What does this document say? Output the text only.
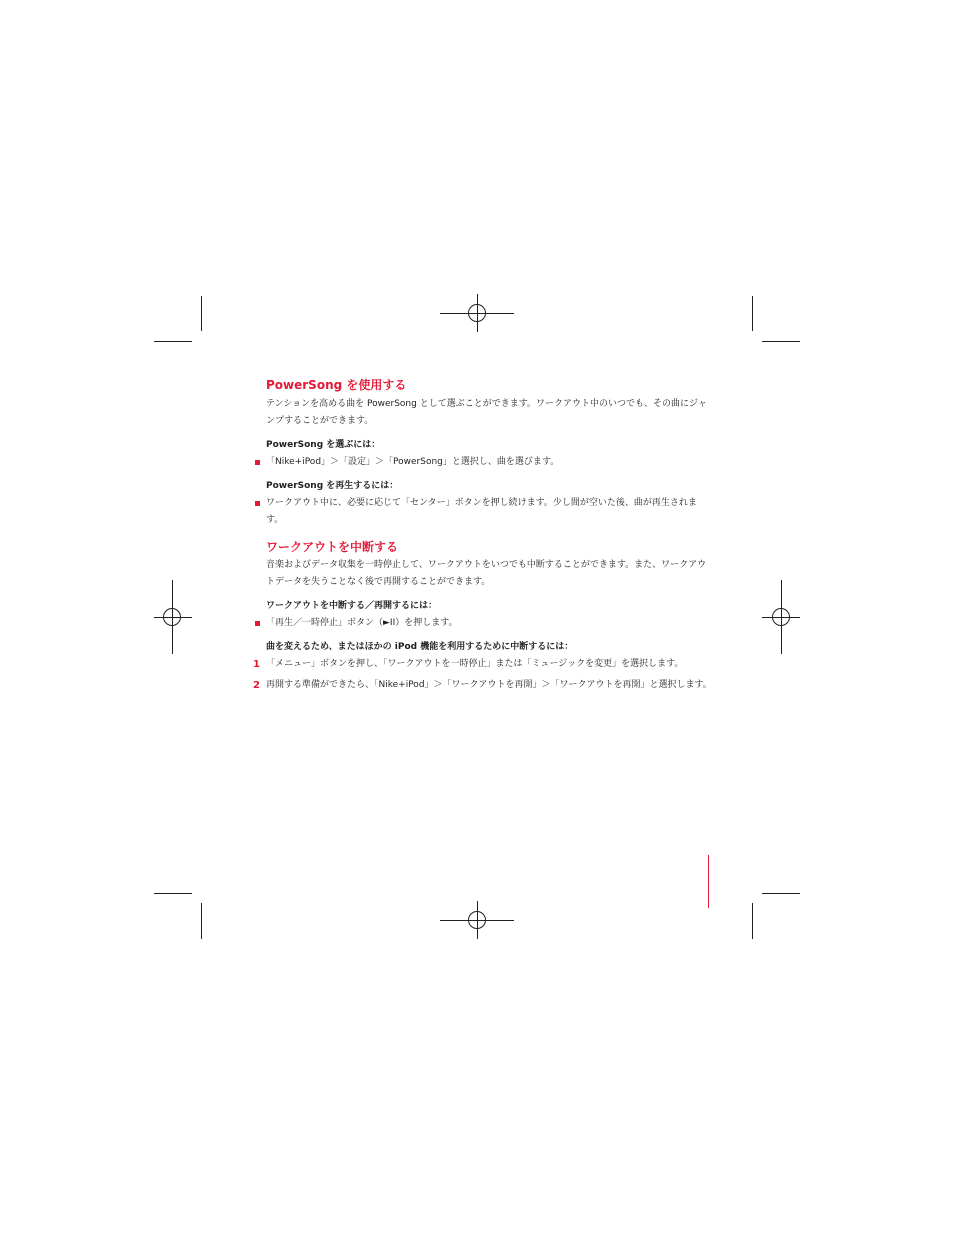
PowerSong を使用する

テンションを高める曲を PowerSong として選ぶことができます。ワークアウト中のいつでも、その曲にジャンプすることができます。

PowerSong を選ぶには：

「Nike+iPod」＞「設定」＞「PowerSong」と選択し、曲を選びます。

PowerSong を再生するには：

ワークアウト中に、必要に応じて「センター」ボタンを押し続けます。少し間が空いた後、曲が再生されます。

ワークアウトを中断する

音楽およびデータ収集を一時停止して、ワークアウトをいつでも中断することができます。また、ワークアウトデータを失うことなく後で再開することができます。

ワークアウトを中断する／再開するには：

「再生／一時停止」ボタン（►II）を押します。

曲を変えるため、またはほかの iPod 機能を利用するために中断するには：

1 「メニュー」ボタンを押し、「ワークアウトを一時停止」または「ミュージックを変更」を選択します。

2 再開する準備ができたら、「Nike+iPod」＞「ワークアウトを再開」＞「ワークアウトを再開」と選択します。
